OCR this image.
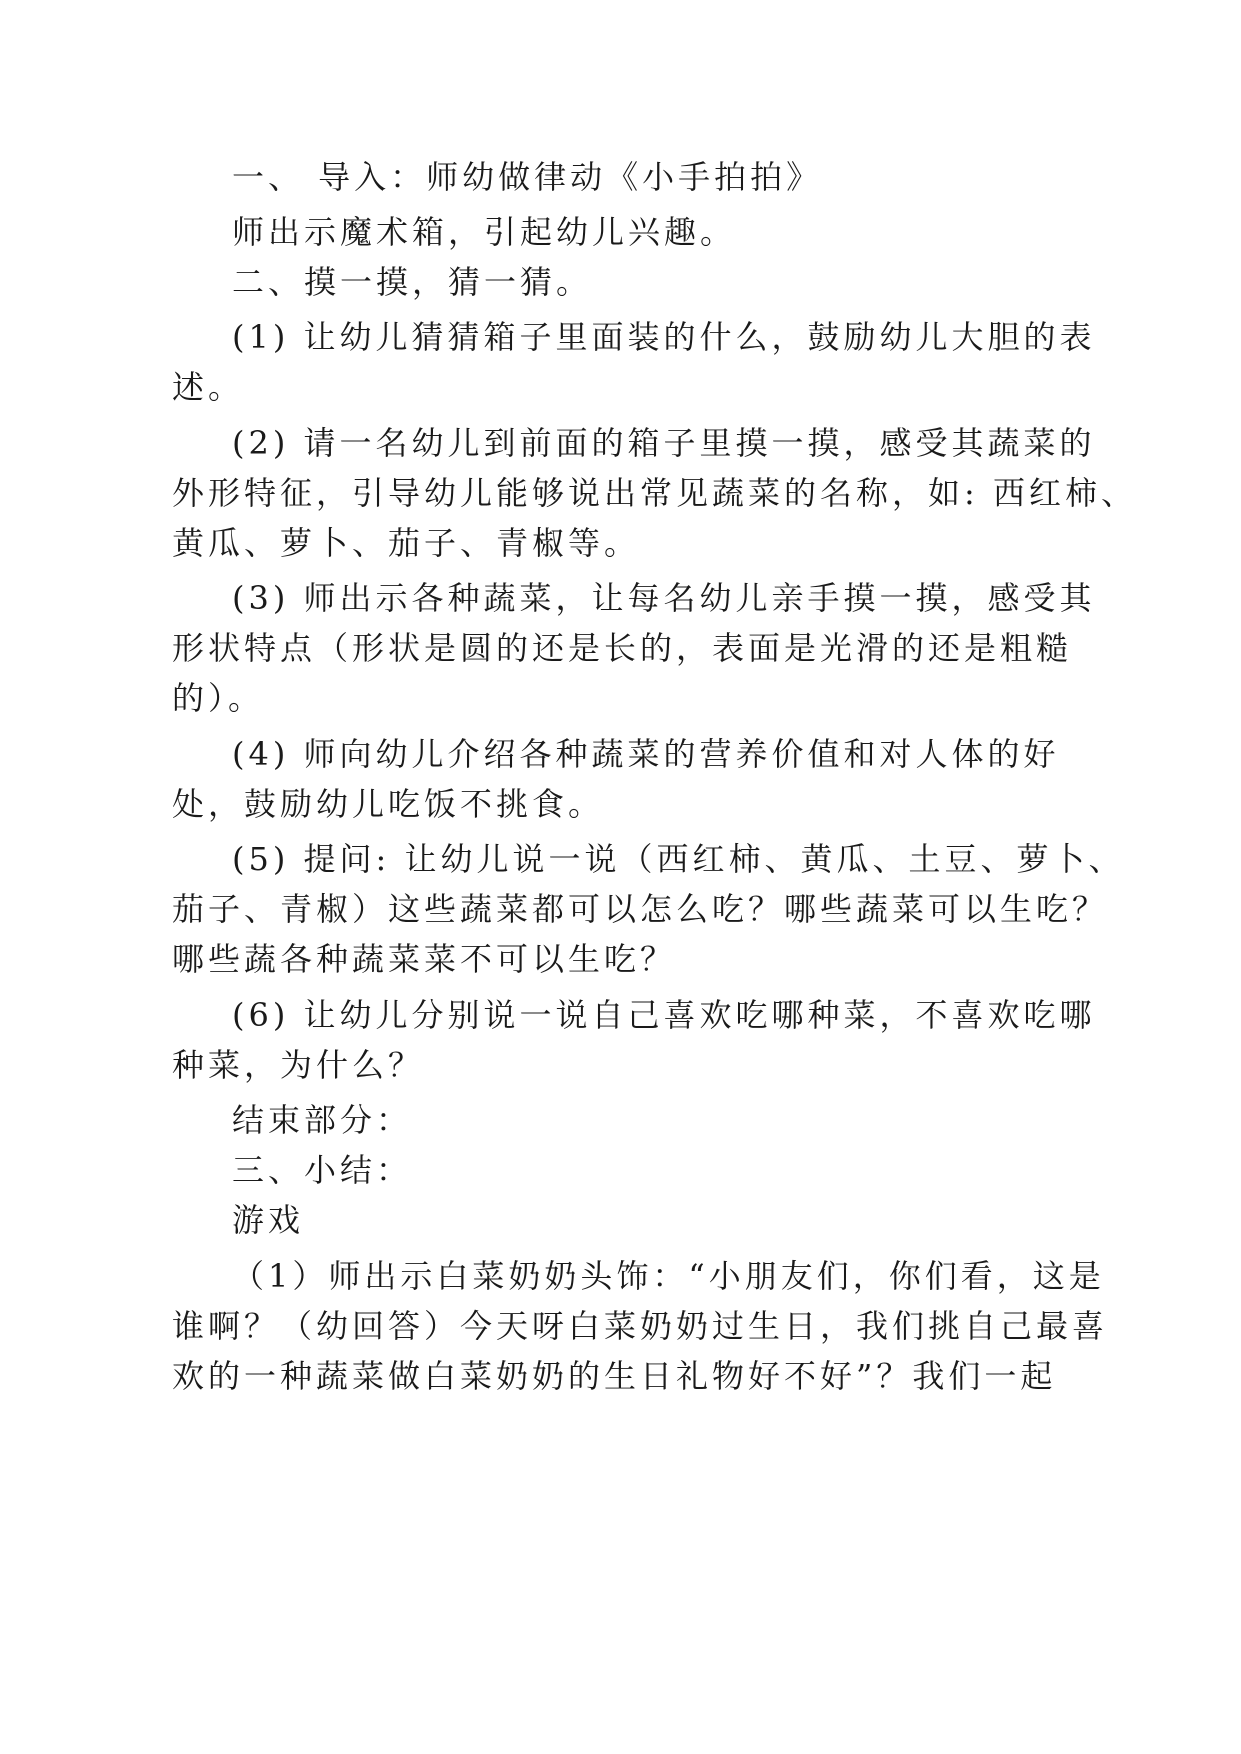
一、 导入：师幼做律动《小手拍拍》
师出示魔术箱，引起幼儿兴趣。
二、摸一摸，猜一猜。
(1) 让幼儿猜猜箱子里面装的什么，鼓励幼儿大胆的表
述。
(2) 请一名幼儿到前面的箱子里摸一摸，感受其蔬菜的
外形特征，引导幼儿能够说出常见蔬菜的名称，如: 西红柿、
黄瓜、萝卜、茄子、青椒等。
(3) 师出示各种蔬菜，让每名幼儿亲手摸一摸，感受其
形状特点（形状是圆的还是长的，表面是光滑的还是粗糙
的）。
(4) 师向幼儿介绍各种蔬菜的营养价值和对人体的好
处，鼓励幼儿吃饭不挑食。
(5) 提问: 让幼儿说一说（西红柿、黄瓜、土豆、萝卜、
茄子、青椒）这些蔬菜都可以怎么吃？哪些蔬菜可以生吃？
哪些蔬各种蔬菜菜不可以生吃？
(6) 让幼儿分别说一说自己喜欢吃哪种菜，不喜欢吃哪
种菜，为什么？
结束部分：
三、小结：
游戏
（1）师出示白菜奶奶头饰：“小朋友们，你们看，这是
谁啊？（幼回答）今天呀白菜奶奶过生日，我们挑自己最喜
欢的一种蔬菜做白菜奶奶的生日礼物好不好”？我们一起
